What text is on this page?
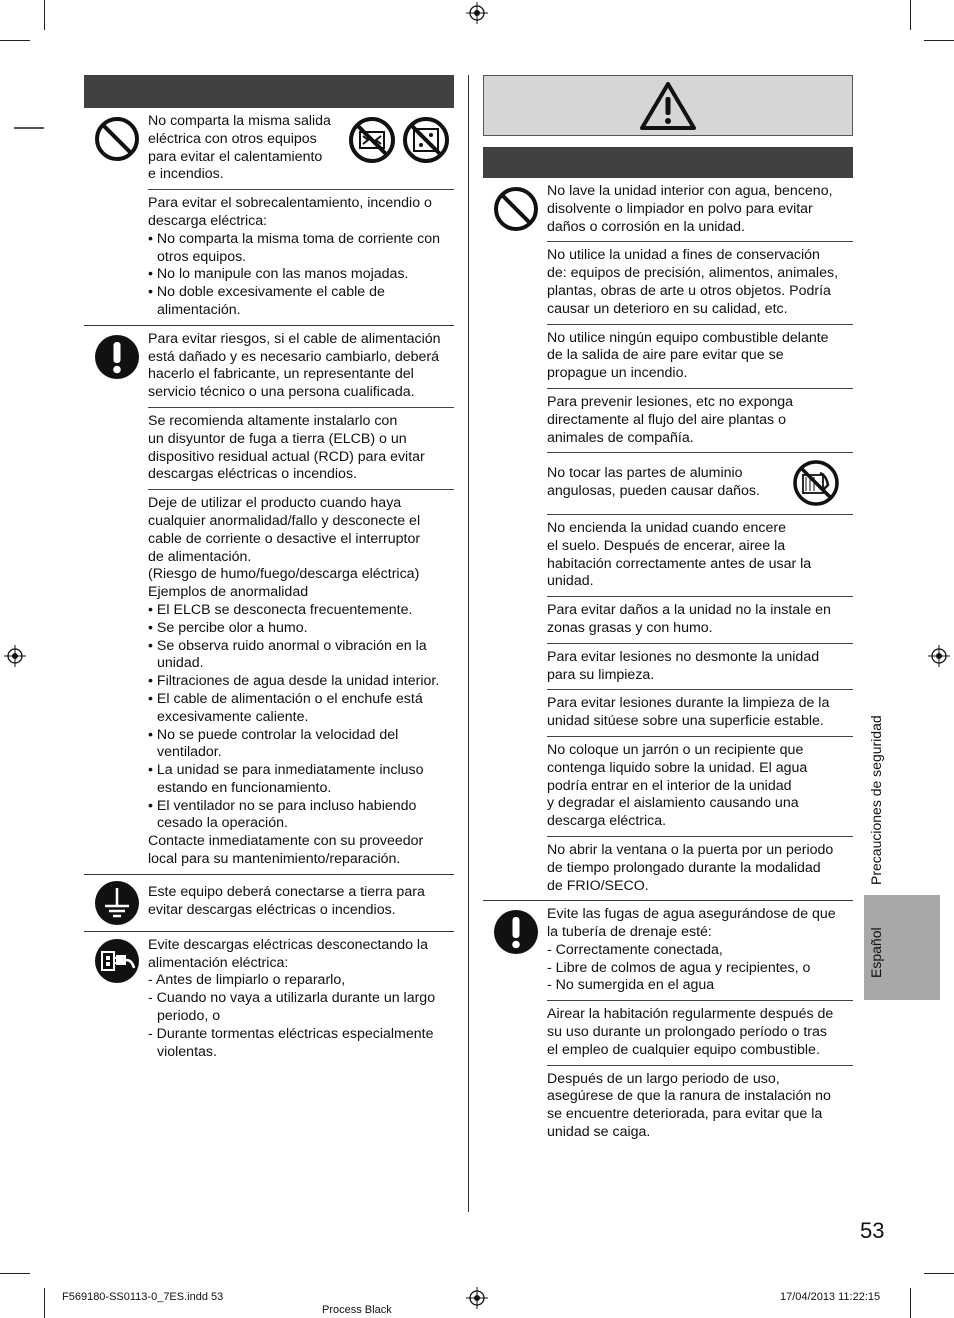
No comparta la misma salida
eléctrica con otros equipos
para evitar el calentamiento
e incendios.
Para evitar el sobrecalentamiento, incendio o
descarga eléctrica:
• No comparta la misma toma de corriente con otros equipos.
• No lo manipule con las manos mojadas.
• No doble excesivamente el cable de alimentación.
Para evitar riesgos, si el cable de alimentación
está dañado y es necesario cambiarlo, deberá
hacerlo el fabricante, un representante del
servicio técnico o una persona cualificada.
Se recomienda altamente instalarlo con
un disyuntor de fuga a tierra (ELCB) o un
dispositivo residual actual (RCD) para evitar
descargas eléctricas o incendios.
Deje de utilizar el producto cuando haya
cualquier anormalidad/fallo y desconecte el
cable de corriente o desactive el interruptor
de alimentación.
(Riesgo de humo/fuego/descarga eléctrica)
Ejemplos de anormalidad
• El ELCB se desconecta frecuentemente.
• Se percibe olor a humo.
• Se observa ruido anormal o vibración en la unidad.
• Filtraciones de agua desde la unidad interior.
• El cable de alimentación o el enchufe está excesivamente caliente.
• No se puede controlar la velocidad del ventilador.
• La unidad se para inmediatamente incluso estando en funcionamiento.
• El ventilador no se para incluso habiendo cesado la operación.
Contacte inmediatamente con su proveedor
local para su mantenimiento/reparación.
Este equipo deberá conectarse a tierra para
evitar descargas eléctricas o incendios.
Evite descargas eléctricas desconectando la
alimentación eléctrica:
- Antes de limpiarlo o repararlo,
- Cuando no vaya a utilizarla durante un largo periodo, o
- Durante tormentas eléctricas especialmente violentas.
No lave la unidad interior con agua, benceno,
disolvente o limpiador en polvo para evitar
daños o corrosión en la unidad.
No utilice la unidad a fines de conservación
de: equipos de precisión, alimentos, animales,
plantas, obras de arte u otros objetos. Podría
causar un deterioro en su calidad, etc.
No utilice ningún equipo combustible delante
de la salida de aire pare evitar que se
propague un incendio.
Para prevenir lesiones, etc no exponga
directamente al flujo del aire plantas o
animales de compañía.
No tocar las partes de aluminio
angulosas, pueden causar daños.
No encienda la unidad cuando encere
el suelo. Después de encerar, airee la
habitación correctamente antes de usar la
unidad.
Para evitar daños a la unidad no la instale en
zonas grasas y con humo.
Para evitar lesiones no desmonte la unidad
para su limpieza.
Para evitar lesiones durante la limpieza de la
unidad sitúese sobre una superficie estable.
No coloque un jarrón o un recipiente que
contenga liquido sobre la unidad. El agua
podría entrar en el interior de la unidad
y degradar el aislamiento causando una
descarga eléctrica.
No abrir la ventana o la puerta por un periodo
de tiempo prolongado durante la modalidad
de FRIO/SECO.
Evite las fugas de agua asegurándose de que
la tubería de drenaje esté:
- Correctamente conectada,
- Libre de colmos de agua y recipientes, o
- No sumergida en el agua
Airear la habitación regularmente después de
su uso durante un prolongado período o tras
el empleo de cualquier equipo combustible.
Después de un largo periodo de uso,
asegúrese de que la ranura de instalación no
se encuentre deteriorada, para evitar que la
unidad se caiga.
Precauciones de seguridad
Español
53
F569180-SS0113-0_7ES.indd 53
Process Black
17/04/2013 11:22:15
